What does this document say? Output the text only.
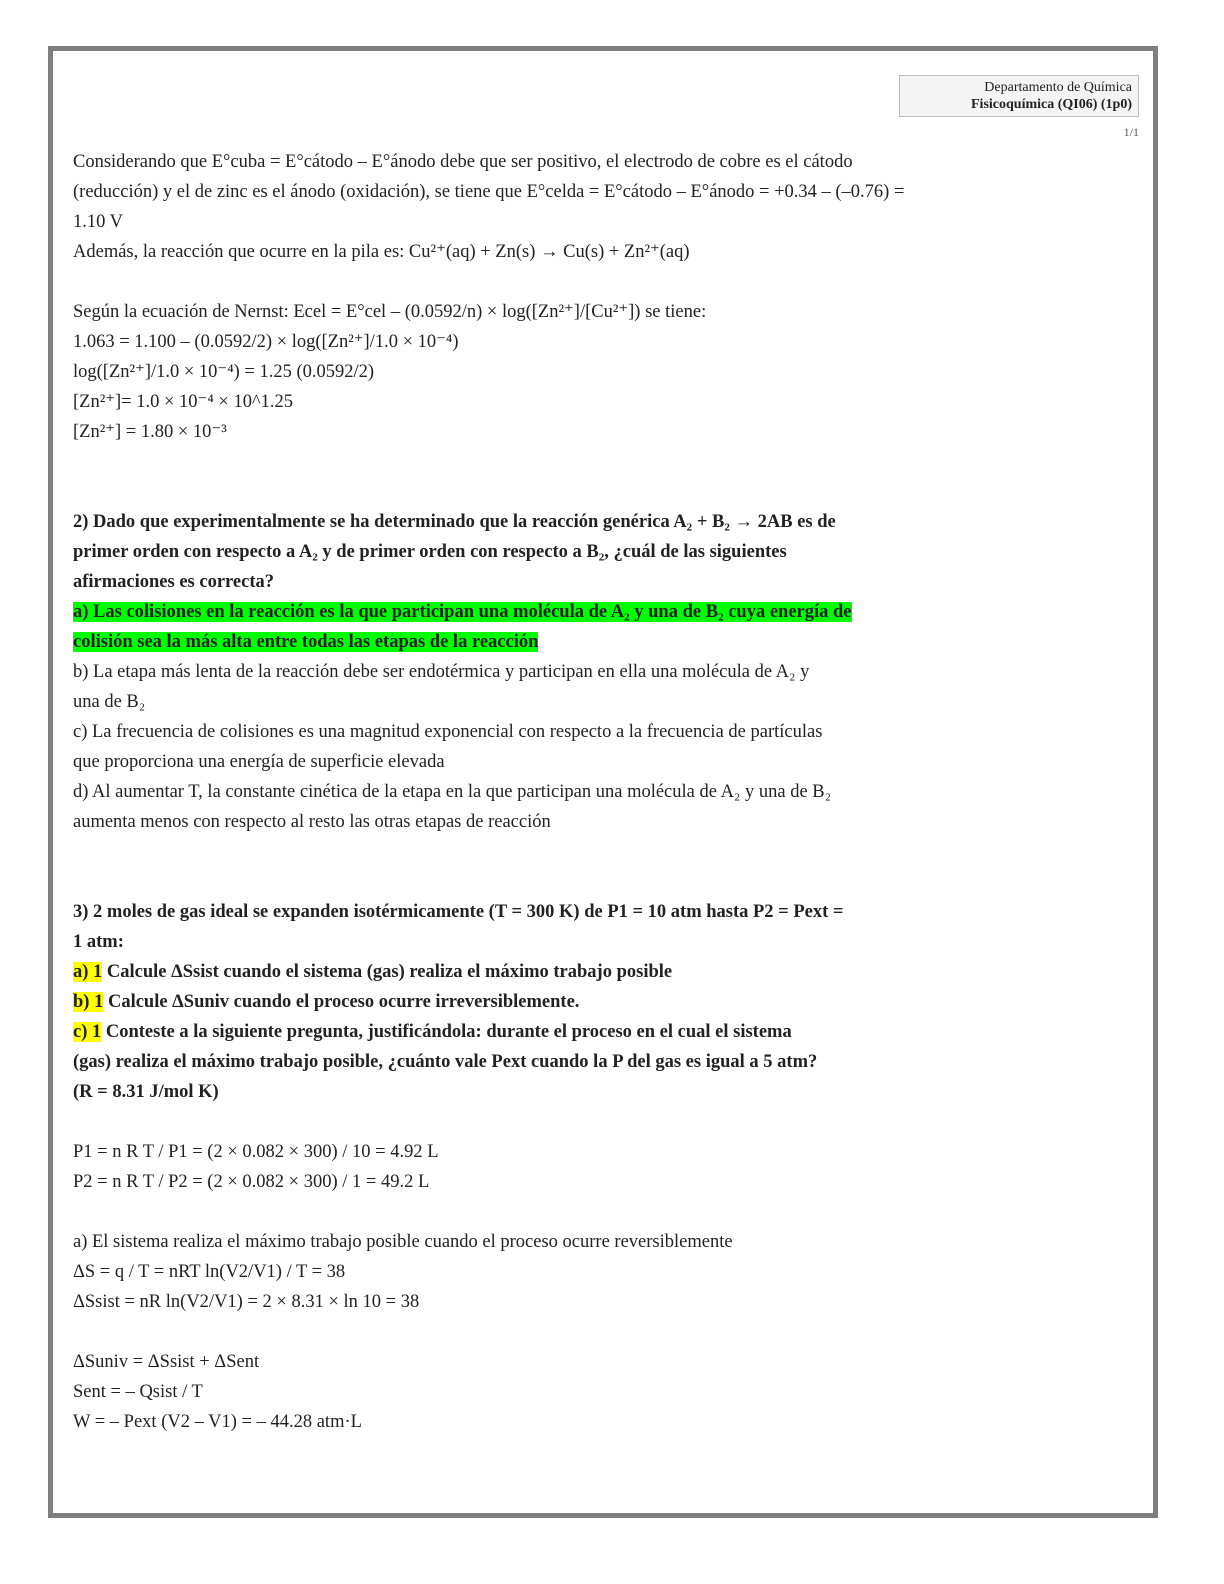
Departamento de Química
Fisicoquímica (QI06) (1p0)
1/1

Considerando que E°cuba = E°cátodo – E°ánodo debe que ser positivo, el electrodo de cobre es el cátodo

(reducción) y el de zinc es el ánodo (oxidación), se tiene que E°celda = E°cátodo – E°ánodo = +0.34 – (–0.76) =

1.10 V

Además, la reacción que ocurre en la pila es: Cu²⁺(aq) + Zn(s) → Cu(s) + Zn²⁺(aq)

Según la ecuación de Nernst: Ecel = E°cel – (0.0592/n) × log([Zn²⁺]/[Cu²⁺]) se tiene:

1.063 = 1.100 – (0.0592/2) × log([Zn²⁺]/1.0 × 10⁻⁴)

log([Zn²⁺]/1.0 × 10⁻⁴) = 1.25 (0.0592/2)

[Zn²⁺]= 1.0 × 10⁻⁴ × 10^1.25

[Zn²⁺] = 1.80 × 10⁻³

2) Dado que experimentalmente se ha determinado que la reacción genérica A₂ + B₂ → 2AB es de

primer orden con respecto a A₂ y de primer orden con respecto a B₂, ¿cuál de las siguientes

afirmaciones es correcta?

a) Las colisiones en la reacción es la que participan una molécula de A₂ y una de B₂ cuya energía de

colisión sea la más alta entre todas las etapas de la reacción

b) La etapa más lenta de la reacción debe ser endotérmica y participan en ella una molécula de A₂ y

una de B₂

c) La frecuencia de colisiones es una magnitud exponencial con respecto a la frecuencia de partículas

que proporciona una energía de superficie elevada

d) Al aumentar T, la constante cinética de la etapa en la que participan una molécula de A₂ y una de B₂

aumenta menos con respecto al resto las otras etapas de reacción

3) 2 moles de gas ideal se expanden isotérmicamente (T = 300 K) de P1 = 10 atm hasta P2 = Pext =

1 atm:

a) 1 Calcule ΔSsist cuando el sistema (gas) realiza el máximo trabajo posible

b) 1 Calcule ΔSuniv cuando el proceso ocurre irreversiblemente.

c) 1 Conteste a la siguiente pregunta, justificándola: durante el proceso en el cual el sistema

(gas) realiza el máximo trabajo posible, ¿cuánto vale Pext cuando la P del gas es igual a 5 atm?

(R = 8.31 J/mol K)

P1 = n R T / P1 = (2 × 0.082 × 300) / 10 = 4.92 L

P2 = n R T / P2 = (2 × 0.082 × 300) / 1 = 49.2 L

a) El sistema realiza el máximo trabajo posible cuando el proceso ocurre reversiblemente

ΔS = q / T = nRT ln(V2/V1) / T = 38

ΔSsist = nR ln(V2/V1) = 2 × 8.31 × ln 10 = 38

ΔSuniv = ΔSsist + ΔSent

Sent = – Qsist / T

W = – Pext (V2 – V1) = – 44.28 atm·L
